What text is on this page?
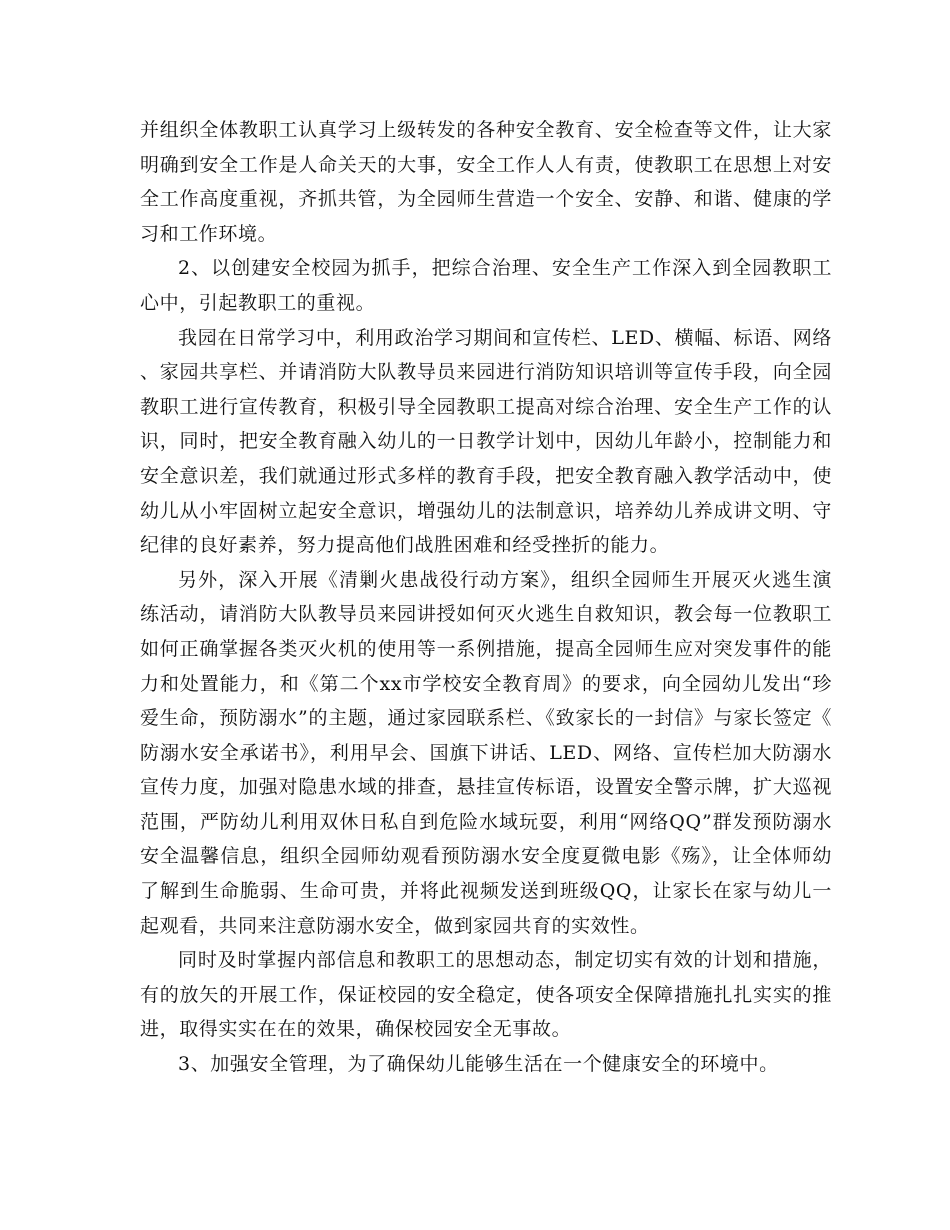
并组织全体教职工认真学习上级转发的各种安全教育、安全检查等文件，让大家明确到安全工作是人命关天的大事，安全工作人人有责，使教职工在思想上对安全工作高度重视，齐抓共管，为全园师生营造一个安全、安静、和谐、健康的学习和工作环境。

2、以创建安全校园为抓手，把综合治理、安全生产工作深入到全园教职工心中，引起教职工的重视。

我园在日常学习中，利用政治学习期间和宣传栏、LED、横幅、标语、网络、家园共享栏、并请消防大队教导员来园进行消防知识培训等宣传手段，向全园教职工进行宣传教育，积极引导全园教职工提高对综合治理、安全生产工作的认识，同时，把安全教育融入幼儿的一日教学计划中，因幼儿年龄小，控制能力和安全意识差，我们就通过形式多样的教育手段，把安全教育融入教学活动中，使幼儿从小牢固树立起安全意识，增强幼儿的法制意识，培养幼儿养成讲文明、守纪律的良好素养，努力提高他们战胜困难和经受挫折的能力。

另外，深入开展《清剿火患战役行动方案》，组织全园师生开展灭火逃生演练活动，请消防大队教导员来园讲授如何灭火逃生自救知识，教会每一位教职工如何正确掌握各类灭火机的使用等一系例措施，提高全园师生应对突发事件的能力和处置能力，和《第二个xx市学校安全教育周》的要求，向全园幼儿发出“珍爱生命，预防溺水”的主题，通过家园联系栏、《致家长的一封信》与家长签定《防溺水安全承诺书》，利用早会、国旗下讲话、LED、网络、宣传栏加大防溺水宣传力度，加强对隐患水域的排查，悬挂宣传标语，设置安全警示牌，扩大巡视范围，严防幼儿利用双休日私自到危险水域玩耍，利用“网络QQ”群发预防溺水安全温馨信息，组织全园师幼观看预防溺水安全度夏微电影《殇》，让全体师幼了解到生命脆弱、生命可贵，并将此视频发送到班级QQ，让家长在家与幼儿一起观看，共同来注意防溺水安全，做到家园共育的实效性。

同时及时掌握内部信息和教职工的思想动态，制定切实有效的计划和措施，有的放矢的开展工作，保证校园的安全稳定，使各项安全保障措施扎扎实实的推进，取得实实在在的效果，确保校园安全无事故。

3、加强安全管理，为了确保幼儿能够生活在一个健康安全的环境中。
